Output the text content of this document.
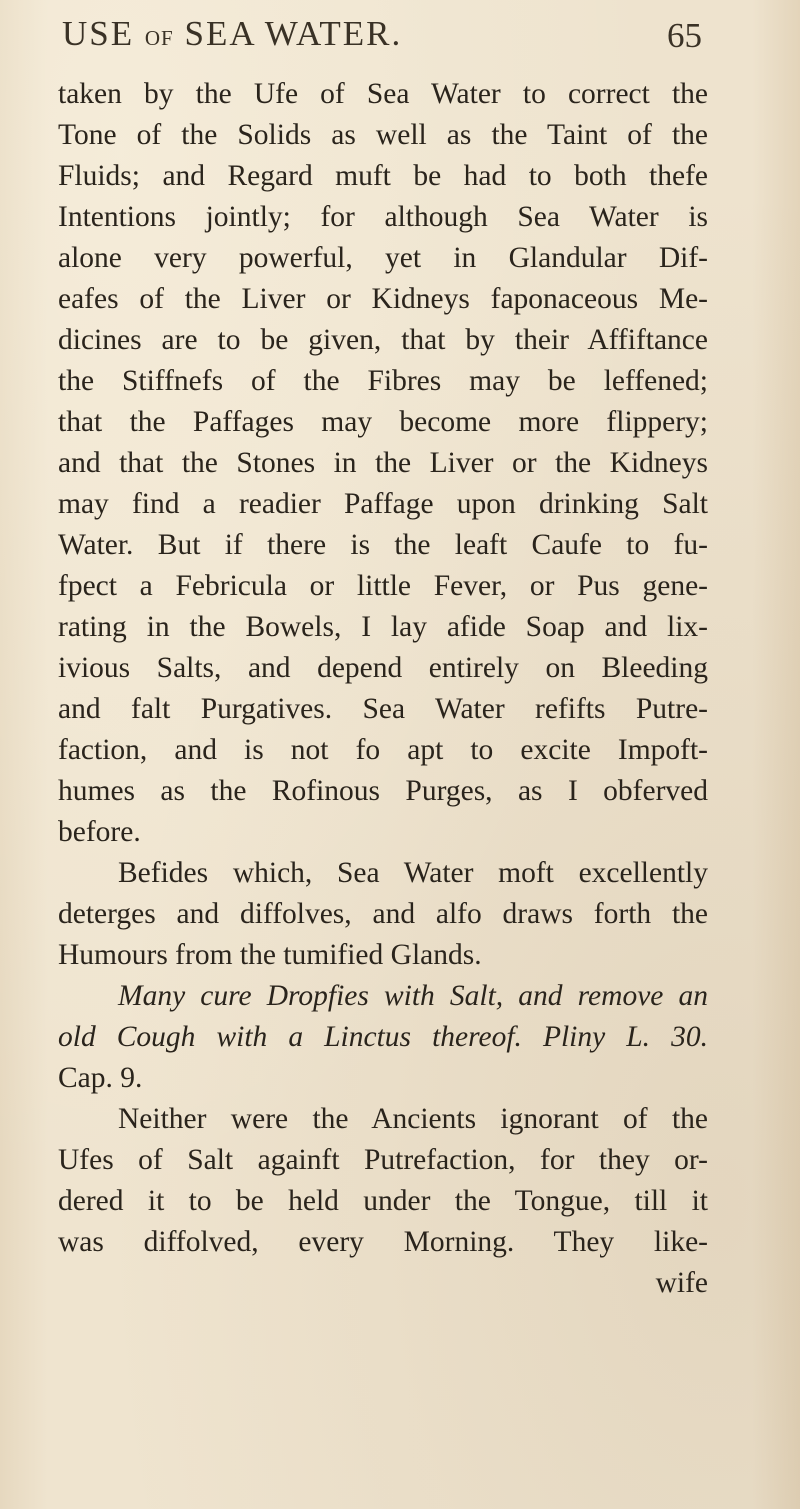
USE OF SEA WATER.	65
taken by the Ufe of Sea Water to correct the
Tone of the Solids as well as the Taint of the
Fluids; and Regard muft be had to both thefe
Intentions jointly; for although Sea Water is
alone very powerful, yet in Glandular Dif-
eafes of the Liver or Kidneys faponaceous Me-
dicines are to be given, that by their Affiftance
the Stiffnefs of the Fibres may be leffened;
that the Paffages may become more flippery;
and that the Stones in the Liver or the Kidneys
may find a readier Paffage upon drinking Salt
Water. But if there is the leaft Caufe to fu-
fpect a Febricula or little Fever, or Pus gene-
rating in the Bowels, I lay afide Soap and lix-
ivious Salts, and depend entirely on Bleeding
and falt Purgatives. Sea Water refifts Putre-
faction, and is not fo apt to excite Impoft-
humes as the Rofinous Purges, as I obferved
before.
Befides which, Sea Water moft excellently
deterges and diffolves, and alfo draws forth the
Humours from the tumified Glands.
Many cure Dropfies with Salt, and remove an
old Cough with a Linctus thereof. Pliny L. 30.
Cap. 9.
Neither were the Ancients ignorant of the
Ufes of Salt againft Putrefaction, for they or-
dered it to be held under the Tongue, till it
was diffolved, every Morning. They like-
wife
